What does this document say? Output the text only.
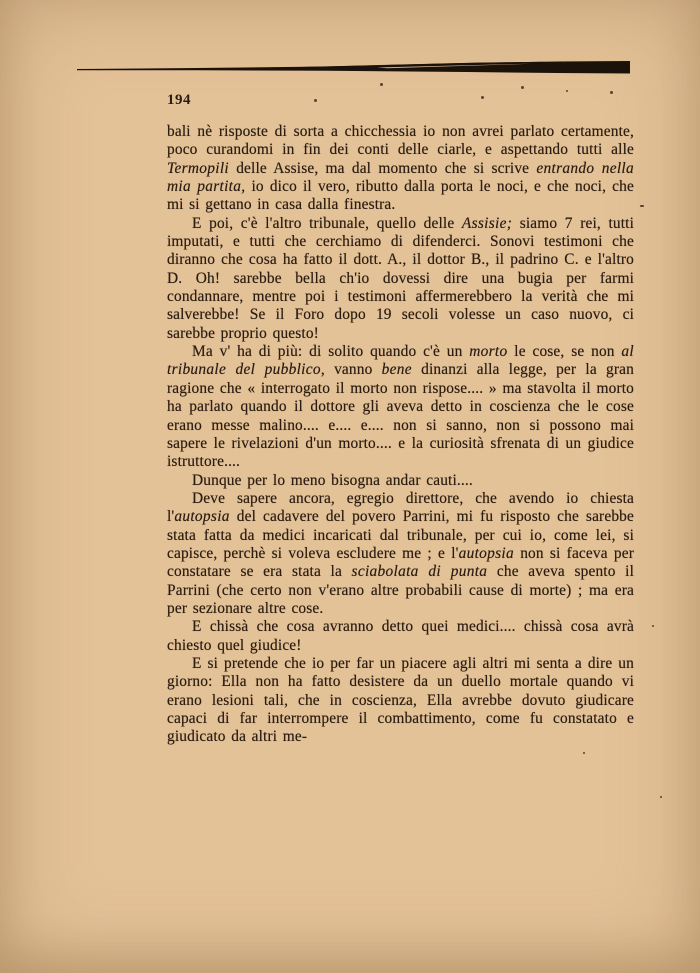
194

bali nè risposte di sorta a chicchessia io non avrei parlato certamente, poco curandomi in fin dei conti delle ciarle, e aspettando tutti alle Termopili delle Assise, ma dal momento che si scrive entrando nella mia partita, io dico il vero, ributto dalla porta le noci, e che noci, che mi si gettano in casa dalla finestra.

E poi, c'è l'altro tribunale, quello delle Assisie; siamo 7 rei, tutti imputati, e tutti che cerchiamo di difenderci. Sonovi testimoni che diranno che cosa ha fatto il dott. A., il dottor B., il padrino C. e l'altro D. Oh! sarebbe bella ch'io dovessi dire una bugia per farmi condannare, mentre poi i testimoni affermerebbero la verità che mi salverebbe! Se il Foro dopo 19 secoli volesse un caso nuovo, ci sarebbe proprio questo!

Ma v' ha di più: di solito quando c'è un morto le cose, se non al tribunale del pubblico, vanno bene dinanzi alla legge, per la gran ragione che « interrogato il morto non rispose.... » ma stavolta il morto ha parlato quando il dottore gli aveva detto in coscienza che le cose erano messe malino.... e.... e.... non si sanno, non si possono mai sapere le rivelazioni d'un morto.... e la curiosità sfrenata di un giudice istruttore....

Dunque per lo meno bisogna andar cauti....

Deve sapere ancora, egregio direttore, che avendo io chiesta l'autopsia del cadavere del povero Parrini, mi fu risposto che sarebbe stata fatta da medici incaricati dal tribunale, per cui io, come lei, si capisce, perchè si voleva escludere me ; e l'autopsia non si faceva per constatare se era stata la sciabolata di punta che aveva spento il Parrini (che certo non v'erano altre probabili cause di morte) ; ma era per sezionare altre cose.

E chissà che cosa avranno detto quei medici.... chissà cosa avrà chiesto quel giudice!

E si pretende che io per far un piacere agli altri mi senta a dire un giorno: Ella non ha fatto desistere da un duello mortale quando vi erano lesioni tali, che in coscienza, Ella avrebbe dovuto giudicare capaci di far interrompere il combattimento, come fu constatato e giudicato da altri me-
